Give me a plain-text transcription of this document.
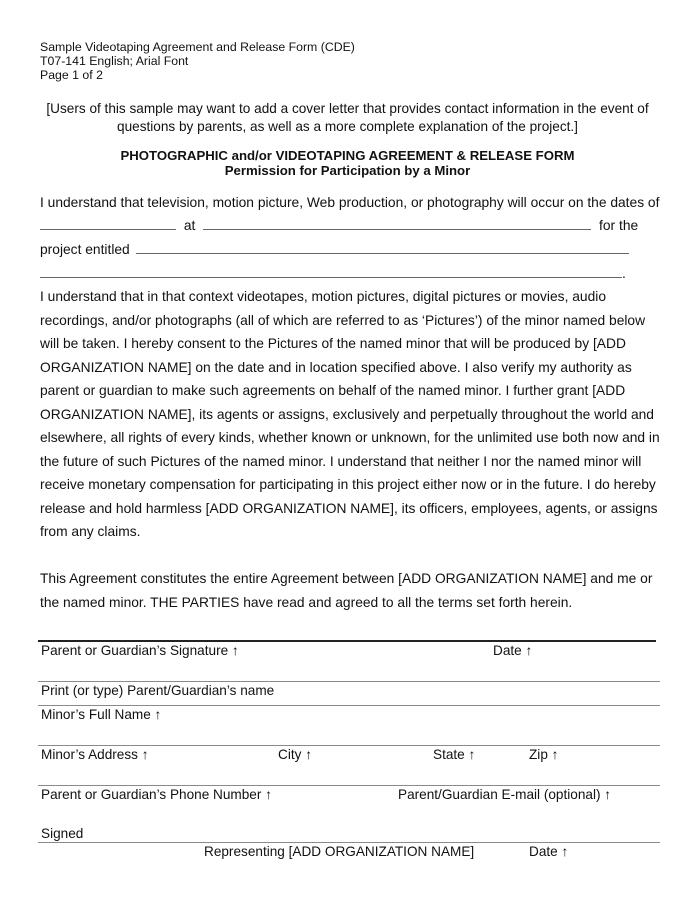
Sample Videotaping Agreement and Release Form (CDE)
T07-141 English; Arial Font
Page 1 of 2
[Users of this sample may want to add a cover letter that provides contact information in the event of
questions by parents, as well as a more complete explanation of the project.]
PHOTOGRAPHIC and/or VIDEOTAPING AGREEMENT & RELEASE FORM
Permission for Participation by a Minor
I understand that television, motion picture, Web production, or photography will occur on the dates of
at	for the
project entitled
.
I understand that in that context videotapes, motion pictures, digital pictures or movies, audio
recordings, and/or photographs (all of which are referred to as ‘Pictures’) of the minor named below
will be taken. I hereby consent to the Pictures of the named minor that will be produced by [ADD
ORGANIZATION NAME] on the date and in location specified above. I also verify my authority as
parent or guardian to make such agreements on behalf of the named minor. I further grant [ADD
ORGANIZATION NAME], its agents or assigns, exclusively and perpetually throughout the world and
elsewhere, all rights of every kinds, whether known or unknown, for the unlimited use both now and in
the future of such Pictures of the named minor. I understand that neither I nor the named minor will
receive monetary compensation for participating in this project either now or in the future. I do hereby
release and hold harmless [ADD ORGANIZATION NAME], its officers, employees, agents, or assigns
from any claims.
This Agreement constitutes the entire Agreement between [ADD ORGANIZATION NAME] and me or
the named minor. THE PARTIES have read and agreed to all the terms set forth herein.
Parent or Guardian’s Signature ↑	Date ↑
Print (or type) Parent/Guardian’s name
Minor’s Full Name ↑
Minor’s Address ↑	City ↑	State ↑	Zip ↑
Parent or Guardian’s Phone Number ↑	Parent/Guardian E-mail (optional) ↑
Signed
Representing [ADD ORGANIZATION NAME]	Date ↑
